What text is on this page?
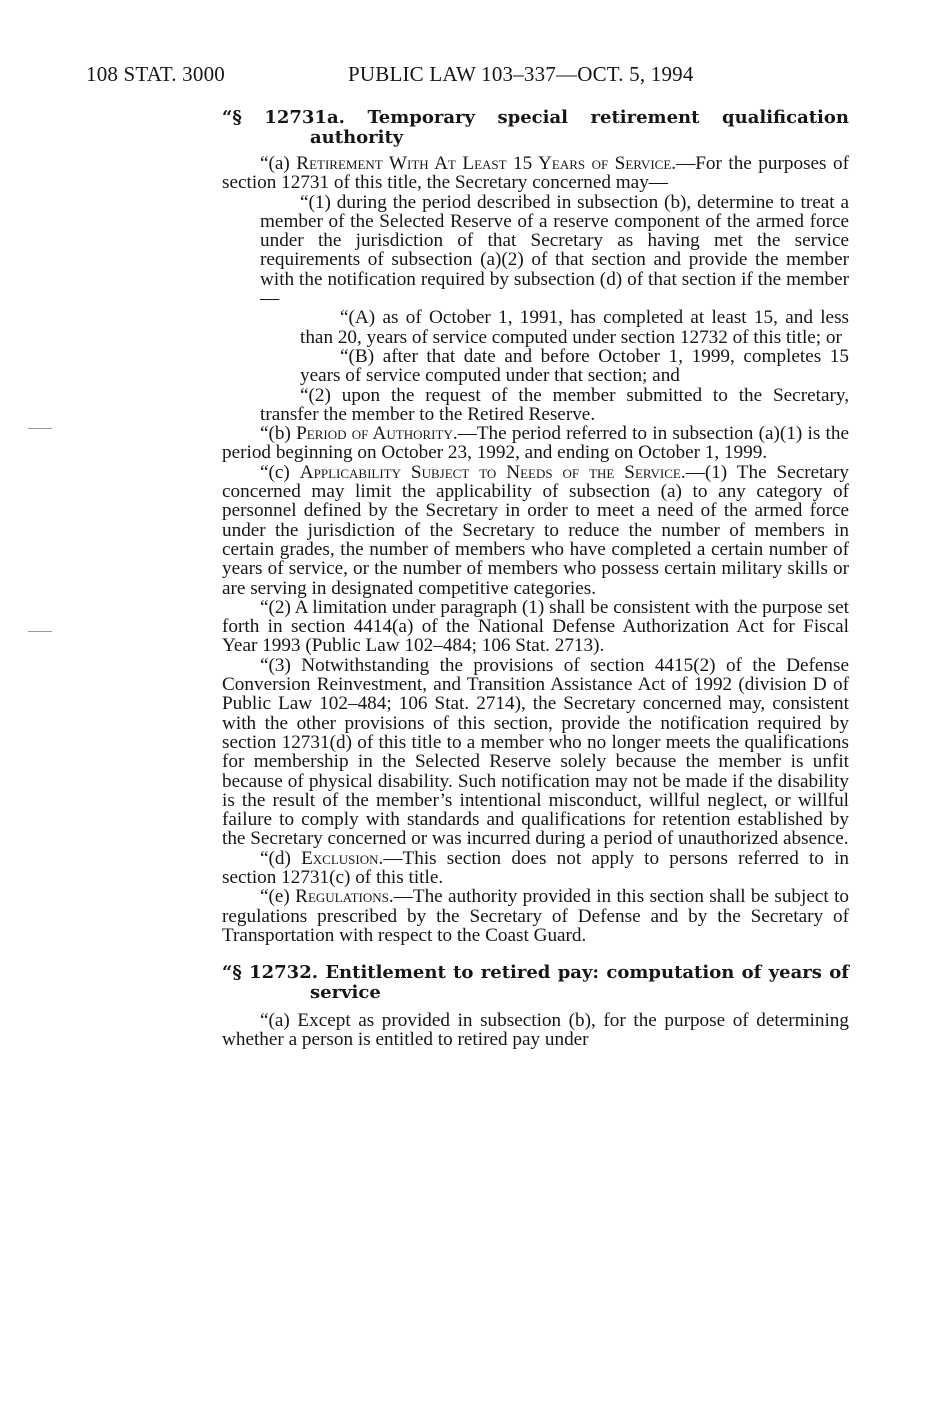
108 STAT. 3000	PUBLIC LAW 103–337—OCT. 5, 1994
“§ 12731a. Temporary special retirement qualification authority

“(a) Retirement With At Least 15 Years of Service.—For the purposes of section 12731 of this title, the Secretary concerned may—

“(1) during the period described in subsection (b), determine to treat a member of the Selected Reserve of a reserve component of the armed force under the jurisdiction of that Secretary as having met the service requirements of subsection (a)(2) of that section and provide the member with the notification required by subsection (d) of that section if the member—

“(A) as of October 1, 1991, has completed at least 15, and less than 20, years of service computed under section 12732 of this title; or

“(B) after that date and before October 1, 1999, completes 15 years of service computed under that section; and

“(2) upon the request of the member submitted to the Secretary, transfer the member to the Retired Reserve.

“(b) Period of Authority.—The period referred to in subsection (a)(1) is the period beginning on October 23, 1992, and ending on October 1, 1999.

“(c) Applicability Subject to Needs of the Service.—(1) The Secretary concerned may limit the applicability of subsection (a) to any category of personnel defined by the Secretary in order to meet a need of the armed force under the jurisdiction of the Secretary to reduce the number of members in certain grades, the number of members who have completed a certain number of years of service, or the number of members who possess certain military skills or are serving in designated competitive categories.

“(2) A limitation under paragraph (1) shall be consistent with the purpose set forth in section 4414(a) of the National Defense Authorization Act for Fiscal Year 1993 (Public Law 102–484; 106 Stat. 2713).

“(3) Notwithstanding the provisions of section 4415(2) of the Defense Conversion Reinvestment, and Transition Assistance Act of 1992 (division D of Public Law 102–484; 106 Stat. 2714), the Secretary concerned may, consistent with the other provisions of this section, provide the notification required by section 12731(d) of this title to a member who no longer meets the qualifications for membership in the Selected Reserve solely because the member is unfit because of physical disability. Such notification may not be made if the disability is the result of the member’s intentional misconduct, willful neglect, or willful failure to comply with standards and qualifications for retention established by the Secretary concerned or was incurred during a period of unauthorized absence.

“(d) Exclusion.—This section does not apply to persons referred to in section 12731(c) of this title.

“(e) Regulations.—The authority provided in this section shall be subject to regulations prescribed by the Secretary of Defense and by the Secretary of Transportation with respect to the Coast Guard.

“§ 12732. Entitlement to retired pay: computation of years of service

“(a) Except as provided in subsection (b), for the purpose of determining whether a person is entitled to retired pay under
